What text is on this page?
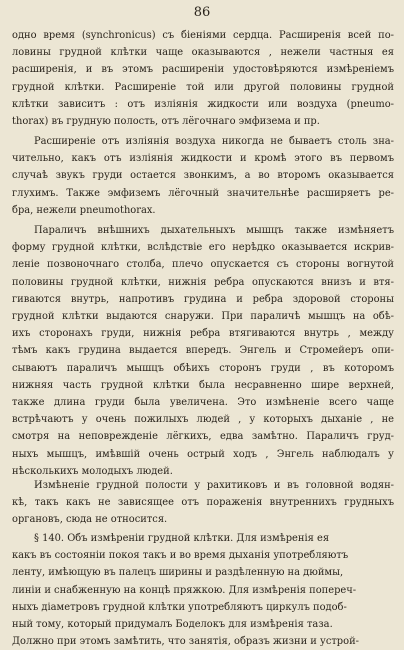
86
одно время (synchronicus) съ біеніями сердца. Расширенія всей по-
ловины грудной клѣтки чаще оказываются , нежели частныя ея
расширенія, и въ этомъ расширеніи удостовѣряются измѣреніемъ
грудной клѣтки. Расширеніе той или другой половины грудной
клѣтки зависитъ : отъ изліянія жидкости или воздуха (pneumo-
thorax) въ грудную полость, отъ лёгочнаго эмфизема и пр.
Расширеніе отъ изліянія воздуха никогда не бываетъ столь зна-
чительно, какъ отъ изліянія жидкости и кромѣ этого въ первомъ
случаѣ звукъ груди остается звонкимъ, а во второмъ оказывается
глухимъ. Также эмфиземъ лёгочный значительнѣе расширяетъ ре-
бра, нежели pneumothorax.
Параличъ внѣшнихъ дыхательныхъ мышцъ также измѣняетъ
форму грудной клѣтки, вслѣдствіе его нерѣдко оказывается искрив-
леніе позвоночнаго столба, плечо опускается съ стороны вогнутой
половины грудной клѣтки, нижнія ребра опускаются внизъ и втя-
гиваются внутрь, напротивъ грудина и ребра здоровой стороны
грудной клѣтки выдаются снаружи. При параличѣ мышцъ на обѣ-
ихъ сторонахъ груди, нижнія ребра втягиваются внутрь , между
тѣмъ какъ грудина выдается впередъ. Энгель и Стромейеръ опи-
сываютъ параличъ мышцъ обѣихъ сторонъ груди , въ которомъ
нижняя часть грудной клѣтки была несравненно шире верхней,
также длина груди была увеличена. Это измѣненіе всего чаще
встрѣчаютъ у очень пожилыхъ людей , у которыхъ дыханіе , не
смотря на неповрежденіе лёгкихъ, едва замѣтно. Параличъ груд-
ныхъ мышцъ, имѣвшій очень острый ходъ , Энгель наблюдалъ у
нѣсколькихъ молодыхъ людей.
Измѣненіе грудной полости у рахитиковъ и въ головной водян-
кѣ, такъ какъ не зависящее отъ пораженія внутреннихъ грудныхъ
органовъ, сюда не относится.
§ 140. Объ измѣреніи грудной клѣтки. Для измѣренія ея
какъ въ состояніи покоя такъ и во время дыханія употребляютъ
ленту, имѣющую въ палецъ ширины и раздѣленную на дюймы,
линіи и снабженную на концѣ пряжкою. Для измѣренія попереч-
ныхъ діаметровъ грудной клѣтки употребляютъ циркулъ подоб-
ный тому, который придумалъ Боделокъ для измѣренія таза.
Должно при этомъ замѣтить, что занятія, образъ жизни и устрой-
